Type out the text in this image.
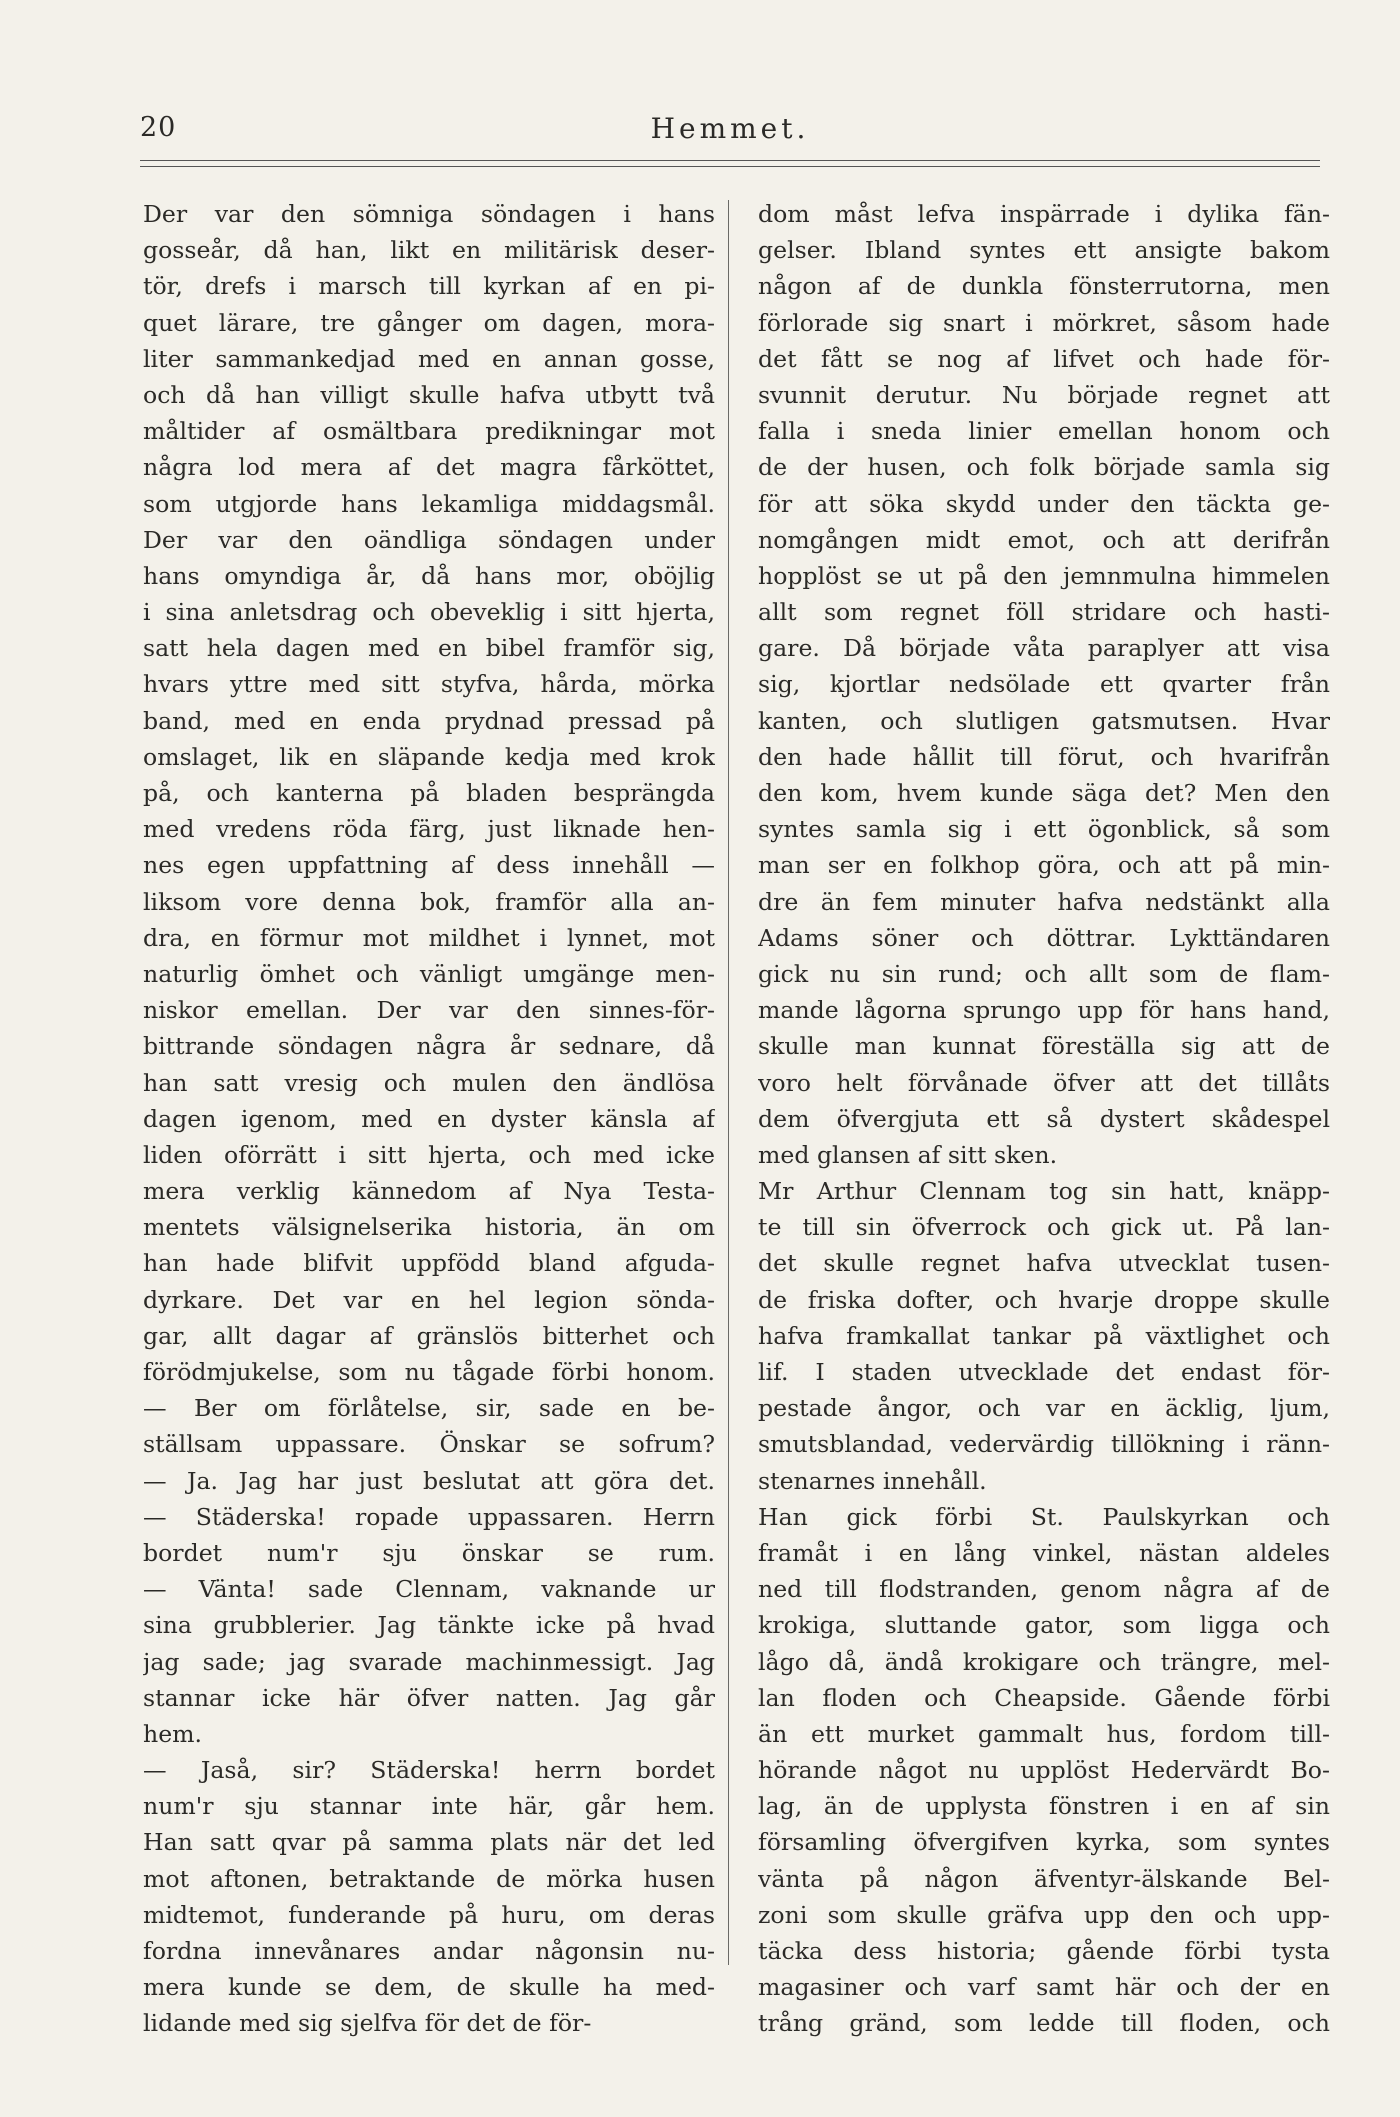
20	Hemmet.
Der var den sömniga söndagen i hans
gossеår, då han, likt en militärisk deser-
tör, drefs i marsch till kyrkan af en pi-
quet lärare, tre gånger om dagen, mora-
liter sammankedjad med en annan gosse,
och då han villigt skulle hafva utbytt två
måltider af osmältbara predikningar mot
några lod mera af det magra fårköttet,
som utgjorde hans lekamliga middagsmål.
Der var den oändliga söndagen under
hans omyndiga år, då hans mor, oböjlig
i sina anletsdrag och obeveklig i sitt hjerta,
satt hela dagen med en bibel framför sig,
hvars yttre med sitt styfva, hårda, mörka
band, med en enda prydnad pressad på
omslaget, lik en släpande kedja med krok
på, och kanterna på bladen besprängda
med vredens röda färg, just liknade hen-
nes egen uppfattning af dess innehåll —
liksom vore denna bok, framför alla an-
dra, en förmur mot mildhet i lynnet, mot
naturlig ömhet och vänligt umgänge men-
niskor emellan. Der var den sinnes-för-
bittrande söndagen några år sednare, då
han satt vresig och mulen den ändlösa
dagen igenom, med en dyster känsla af
liden oförrätt i sitt hjerta, och med icke
mera verklig kännedom af Nya Testa-
mentets välsignelserika historia, än om
han hade blifvit uppfödd bland afguda-
dyrkare. Det var en hel legion sönda-
gar, allt dagar af gränslös bitterhet och
förödmjukelse, som nu tågade förbi honom.
— Ber om förlåtelse, sir, sade en be-
ställsam uppassare. Önskar se sofrum?
— Ja. Jag har just beslutat att göra det.
— Städerska! ropade uppassaren. Herrn
bordet num'r sju önskar se rum.
— Vänta! sade Clennam, vaknande ur
sina grubblerier. Jag tänkte icke på hvad
jag sade; jag svarade machinmessigt. Jag
stannar icke här öfver natten. Jag går
hem.
— Jaså, sir? Städerska! herrn bordet
num'r sju stannar inte här, går hem.
Han satt qvar på samma plats när det led
mot aftonen, betraktande de mörka husen
midtemot, funderande på huru, om deras
fordna innevånares andar någonsin nu-
mera kunde se dem, de skulle ha med-
lidande med sig sjelfva för det de för-
dom måst lefva inspärrade i dylika fän-
gelser. Ibland syntes ett ansigte bakom
någon af de dunkla fönsterrutorna, men
förlorade sig snart i mörkret, såsom hade
det fått se nog af lifvet och hade för-
svunnit derutur. Nu började regnet att
falla i sneda linier emellan honom och
de der husen, och folk började samla sig
för att söka skydd under den täckta ge-
nomgången midt emot, och att derifrån
hopplöst se ut på den jemnmulna himmelen
allt som regnet föll stridare och hasti-
gare. Då började våta paraplyer att visa
sig, kjortlar nedsölade ett qvarter från
kanten, och slutligen gatsmutsen. Hvar
den hade hållit till förut, och hvarifrån
den kom, hvem kunde säga det? Men den
syntes samla sig i ett ögonblick, så som
man ser en folkhop göra, och att på min-
dre än fem minuter hafva nedstänkt alla
Adams söner och döttrar. Lykttändaren
gick nu sin rund; och allt som de flam-
mande lågorna sprungo upp för hans hand,
skulle man kunnat föreställa sig att de
voro helt förvånade öfver att det tillåts
dem öfvergjuta ett så dystert skådespel
med glansen af sitt sken.
Mr Arthur Clennam tog sin hatt, knäpp-
te till sin öfverrock och gick ut. På lan-
det skulle regnet hafva utvecklat tusen-
de friska dofter, och hvarje droppe skulle
hafva framkallat tankar på växtlighet och
lif. I staden utvecklade det endast för-
pestade ångor, och var en äcklig, ljum,
smutsblandad, vedervärdig tillökning i ränn-
stenarnes innehåll.
Han gick förbi St. Paulskyrkan och
framåt i en lång vinkel, nästan aldeles
ned till flodstranden, genom några af de
krokiga, sluttande gator, som ligga och
lågo då, ändå krokigare och trängre, mel-
lan floden och Cheapside. Gående förbi
än ett murket gammalt hus, fordom till-
hörande något nu upplöst Hedervärdt Bo-
lag, än de upplysta fönstren i en af sin
församling öfvergifven kyrka, som syntes
vänta på någon äfventyr-älskande Bel-
zoni som skulle gräfva upp den och upp-
täcka dess historia; gående förbi tysta
magasiner och varf samt här och der en
trång gränd, som ledde till floden, och
